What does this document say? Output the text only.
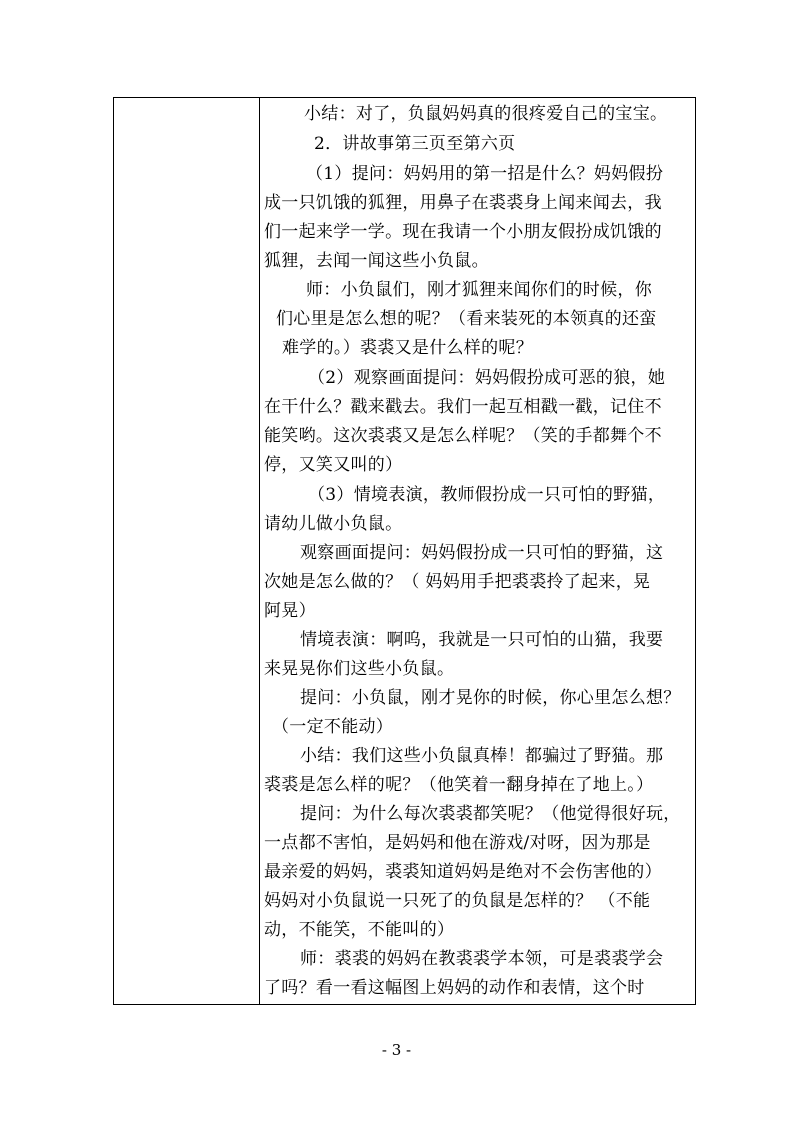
小结：对了，负鼠妈妈真的很疼爱自己的宝宝。
2．讲故事第三页至第六页
（1）提问：妈妈用的第一招是什么？妈妈假扮
成一只饥饿的狐狸，用鼻子在裘裘身上闻来闻去，我
们一起来学一学。现在我请一个小朋友假扮成饥饿的
狐狸，去闻一闻这些小负鼠。
师：小负鼠们，刚才狐狸来闻你们的时候，你
们心里是怎么想的呢？（看来装死的本领真的还蛮
难学的。）裘裘又是什么样的呢？
（2）观察画面提问：妈妈假扮成可恶的狼，她
在干什么？戳来戳去。我们一起互相戳一戳，记住不
能笑哟。这次裘裘又是怎么样呢？（笑的手都舞个不
停，又笑又叫的）
（3）情境表演，教师假扮成一只可怕的野猫，
请幼儿做小负鼠。
观察画面提问：妈妈假扮成一只可怕的野猫，这
次她是怎么做的？（ 妈妈用手把裘裘拎了起来，晃
阿晃）
情境表演：啊呜，我就是一只可怕的山猫，我要
来晃晃你们这些小负鼠。
提问：小负鼠，刚才晃你的时候，你心里怎么想？
（一定不能动）
小结：我们这些小负鼠真棒！都骗过了野猫。那
裘裘是怎么样的呢？（他笑着一翻身掉在了地上。）
提问：为什么每次裘裘都笑呢？（他觉得很好玩，
一点都不害怕，是妈妈和他在游戏/对呀，因为那是
最亲爱的妈妈，裘裘知道妈妈是绝对不会伤害他的）
妈妈对小负鼠说一只死了的负鼠是怎样的？ （不能
动，不能笑，不能叫的）
师：裘裘的妈妈在教裘裘学本领，可是裘裘学会
了吗？看一看这幅图上妈妈的动作和表情，这个时
- 3 -
